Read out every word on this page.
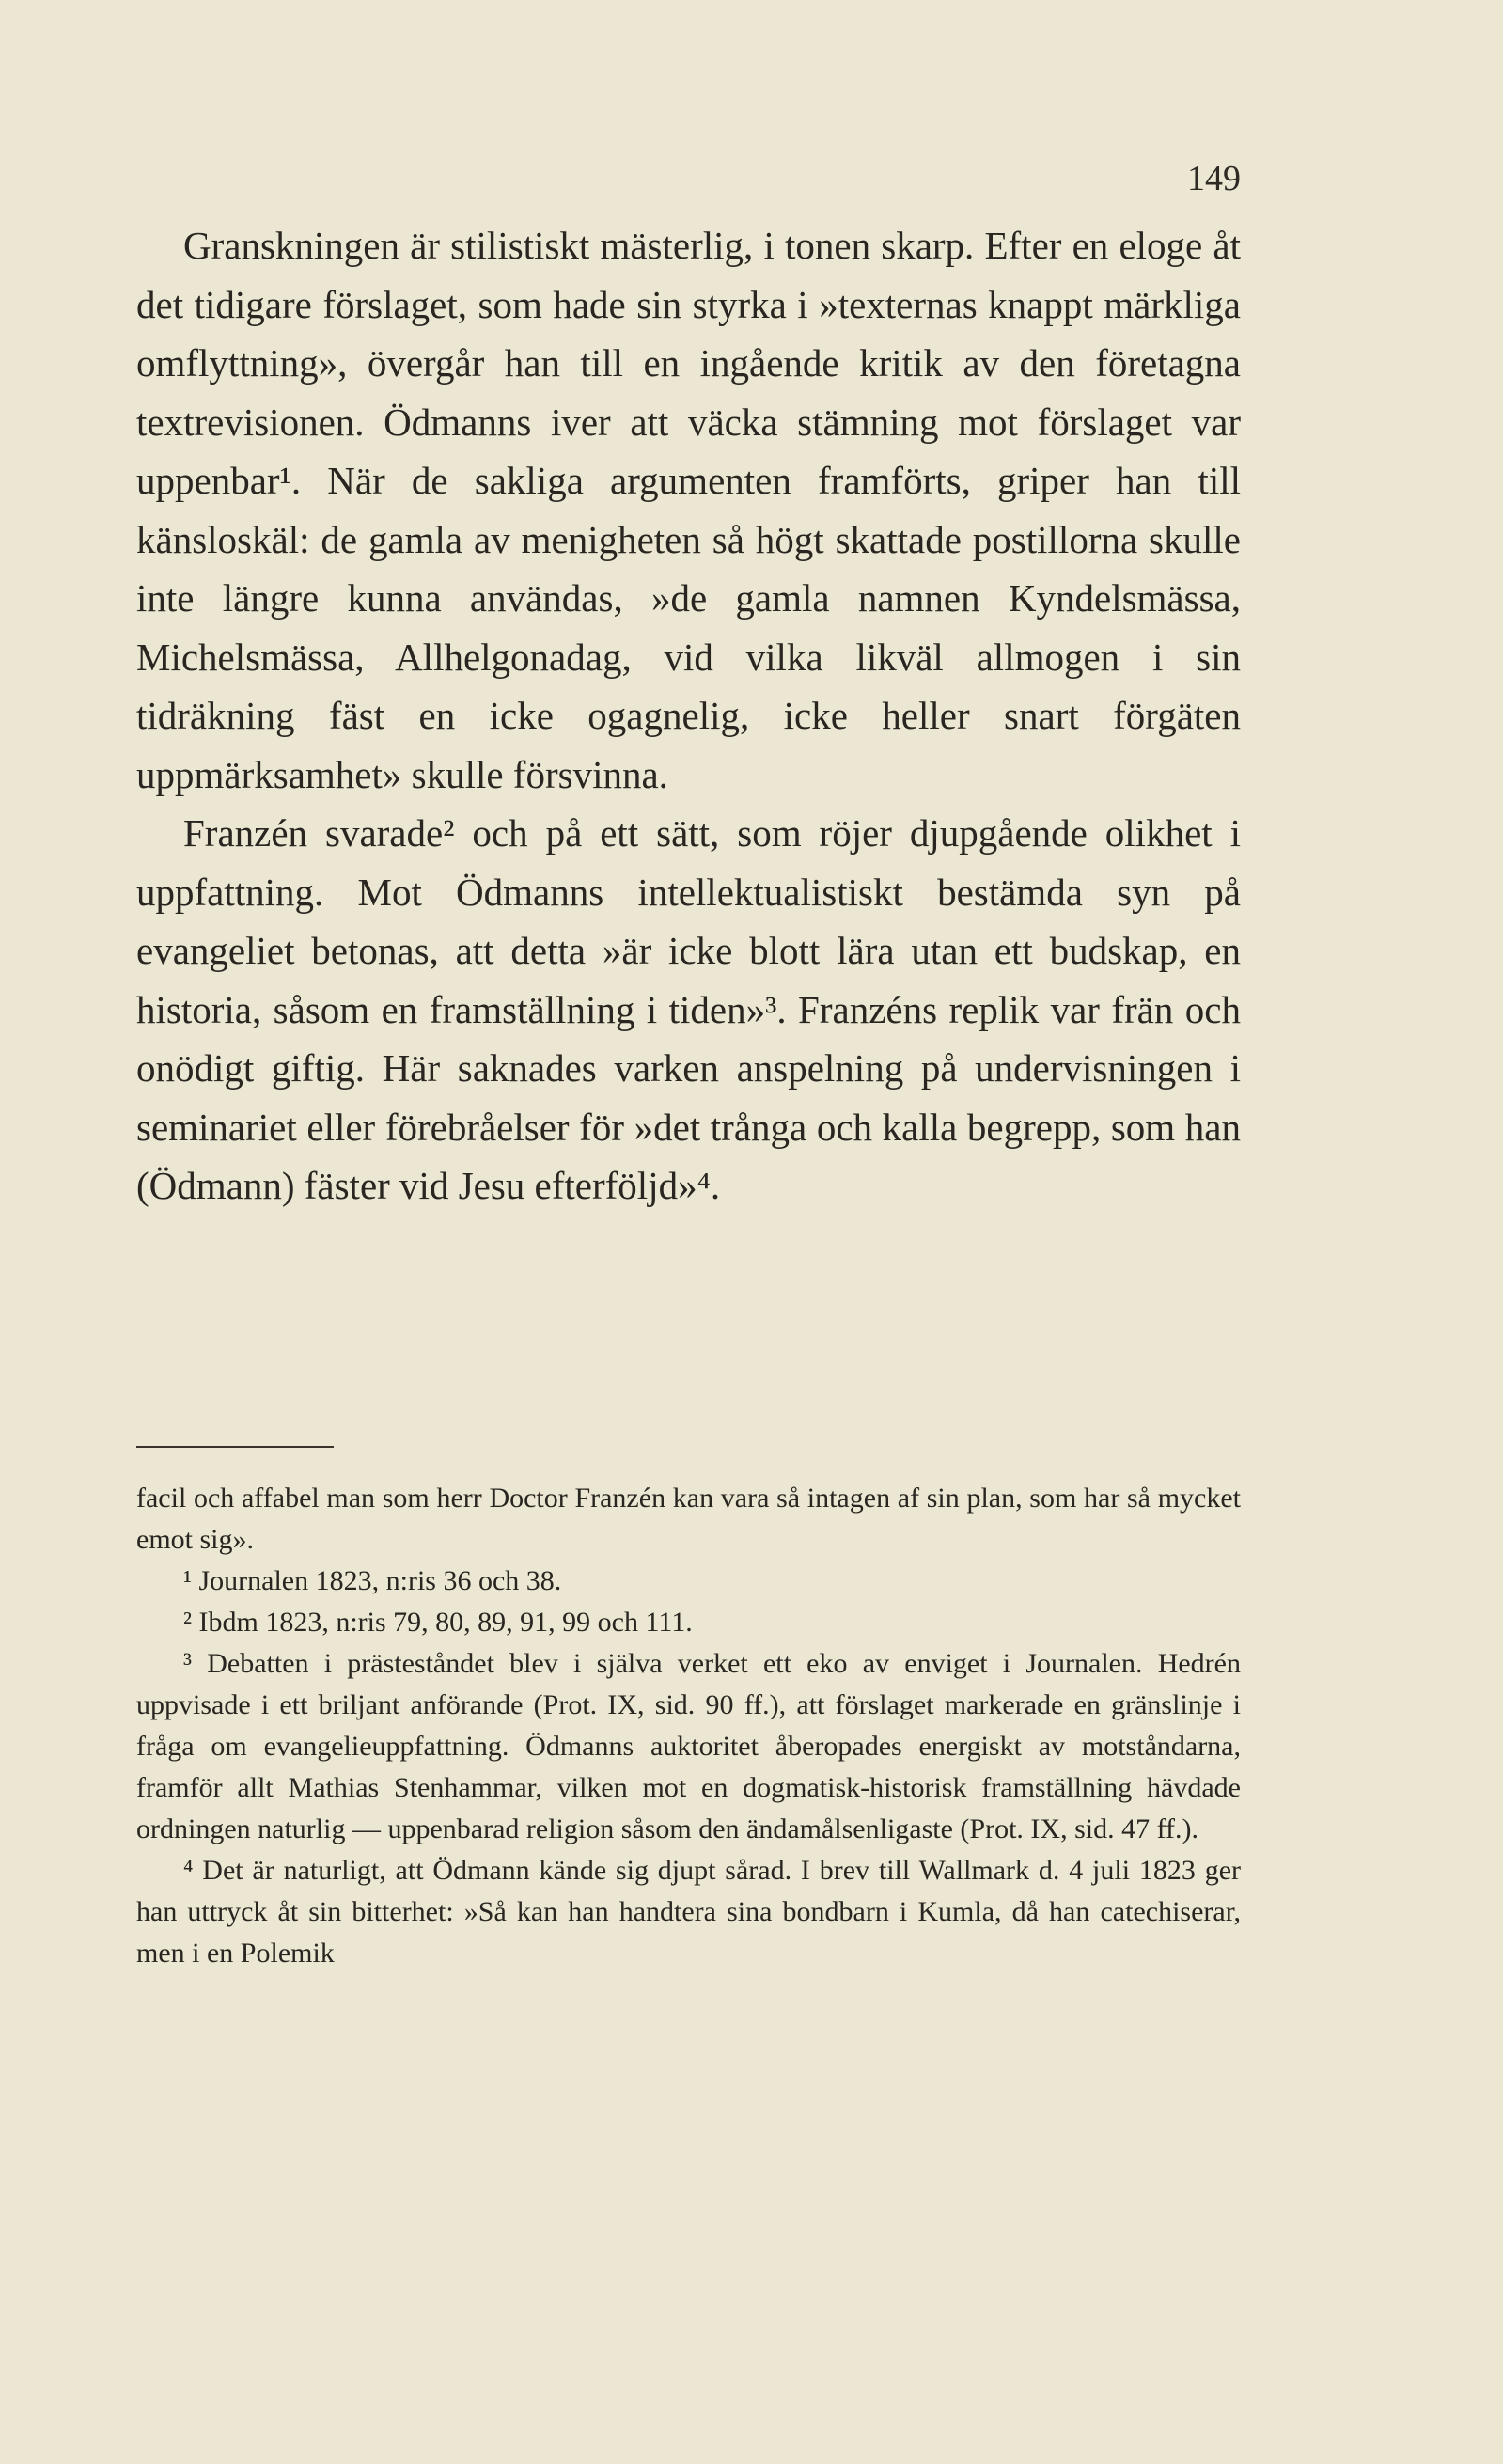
149

Granskningen är stilistiskt mästerlig, i tonen skarp. Efter en eloge åt det tidigare förslaget, som hade sin styrka i »texternas knappt märkliga omflyttning», övergår han till en ingående kritik av den företagna textrevisionen. Ödmanns iver att väcka stämning mot förslaget var uppenbar¹. När de sakliga argumenten framförts, griper han till känsloskäl: de gamla av menigheten så högt skattade postillorna skulle inte längre kunna användas, »de gamla namnen Kyndelsmässa, Michelsmässa, Allhelgonadag, vid vilka likväl allmogen i sin tidräkning fäst en icke ogagnelig, icke heller snart förgäten uppmärksamhet» skulle försvinna.

Franzén svarade² och på ett sätt, som röjer djupgående olikhet i uppfattning. Mot Ödmanns intellektualistiskt bestämda syn på evangeliet betonas, att detta »är icke blott lära utan ett budskap, en historia, såsom en framställning i tiden»³. Franzéns replik var frän och onödigt giftig. Här saknades varken anspelning på undervisningen i seminariet eller förebråelser för »det trånga och kalla begrepp, som han (Ödmann) fäster vid Jesu efterföljd»⁴.

facil och affabel man som herr Doctor Franzén kan vara så intagen af sin plan, som har så mycket emot sig».

¹ Journalen 1823, n:ris 36 och 38.

² Ibdm 1823, n:ris 79, 80, 89, 91, 99 och 111.

³ Debatten i prästeståndet blev i själva verket ett eko av enviget i Journalen. Hedrén uppvisade i ett briljant anförande (Prot. IX, sid. 90 ff.), att förslaget markerade en gränslinje i fråga om evangelieuppfattning. Ödmanns auktoritet åberopades energiskt av motståndarna, framför allt Mathias Stenhammar, vilken mot en dogmatisk-historisk framställning hävdade ordningen naturlig — uppenbarad religion såsom den ändamålsenligaste (Prot. IX, sid. 47 ff.).

⁴ Det är naturligt, att Ödmann kände sig djupt sårad. I brev till Wallmark d. 4 juli 1823 ger han uttryck åt sin bitterhet: »Så kan han handtera sina bondbarn i Kumla, då han catechiserar, men i en Polemik
